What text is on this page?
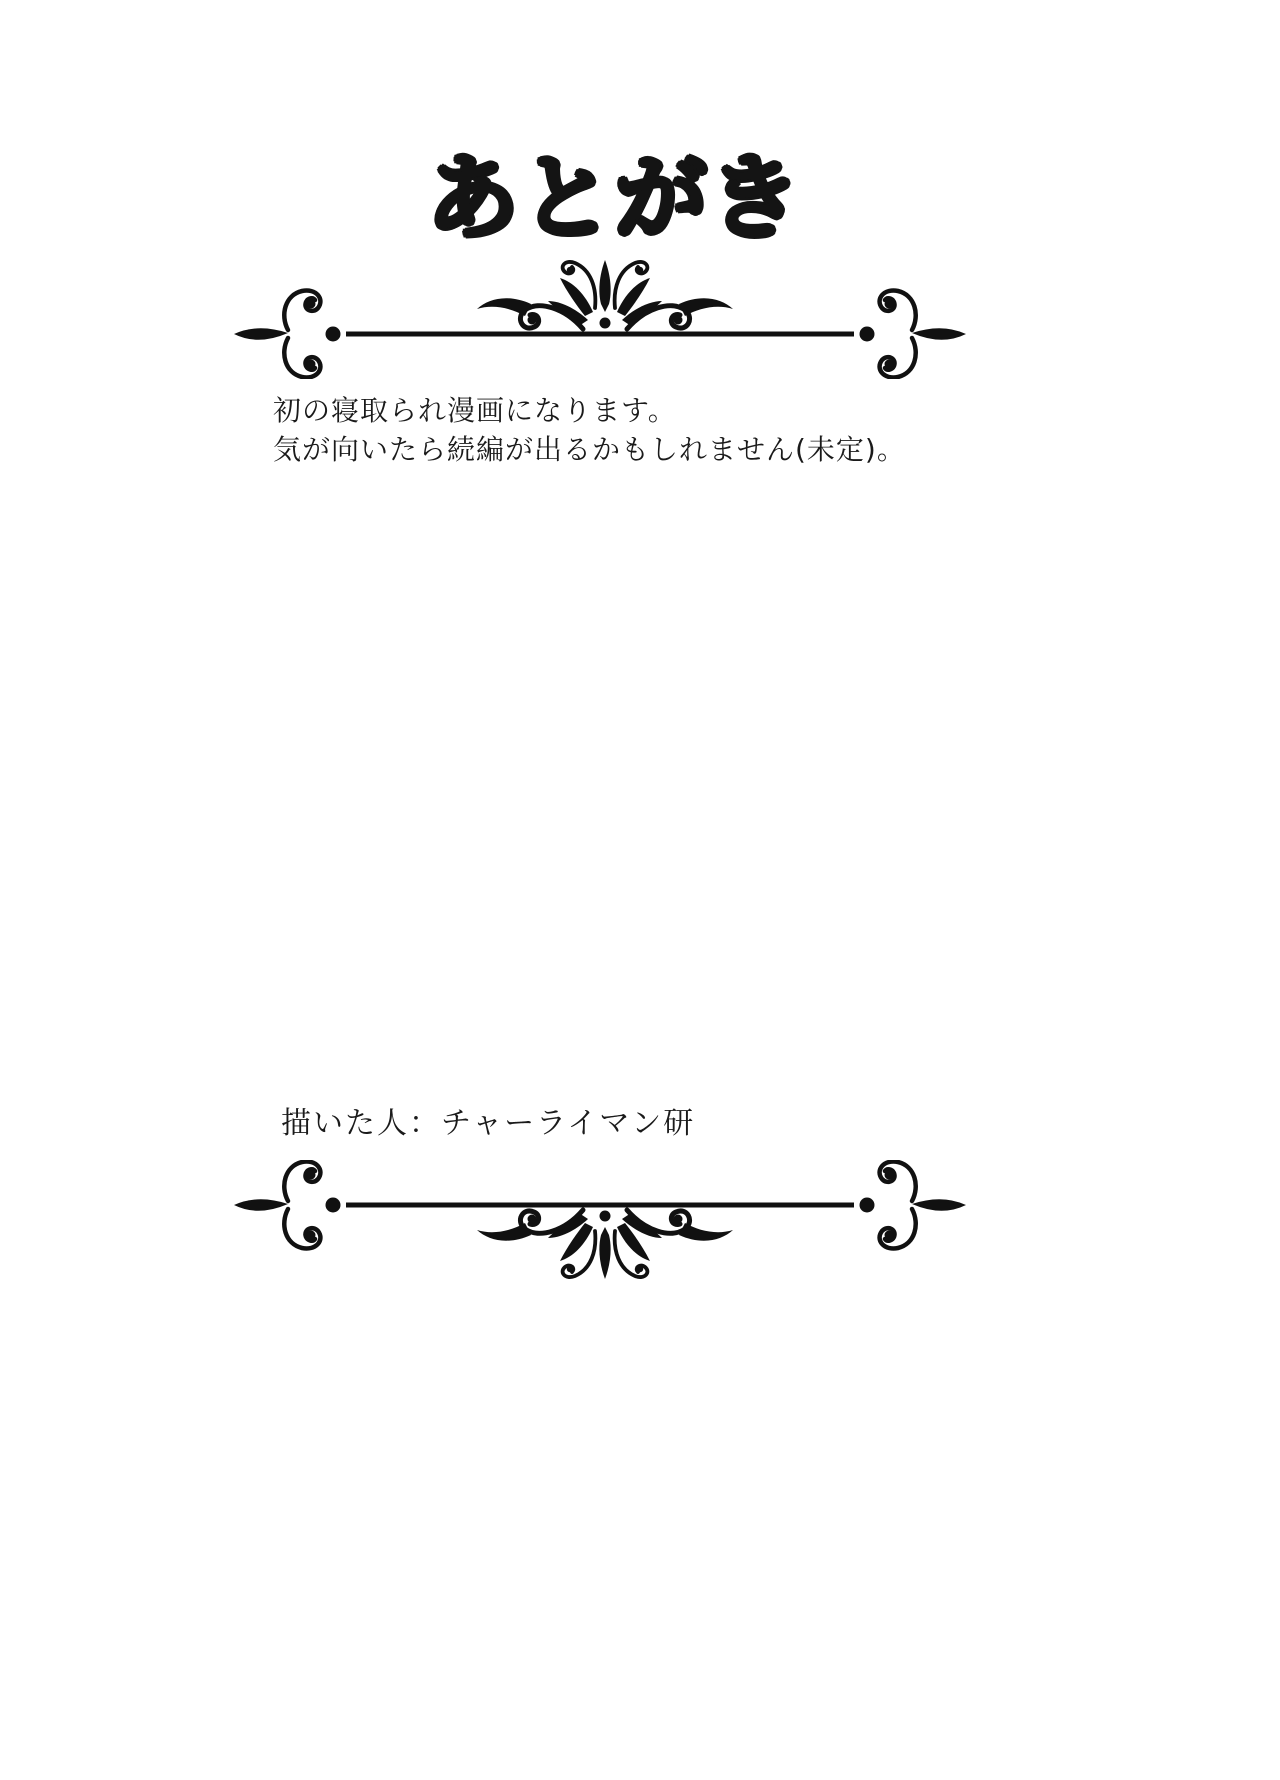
あとがき

初の寝取られ漫画になります。

気が向いたら続編が出るかもしれません(未定)。

描いた人：チャーライマン研
